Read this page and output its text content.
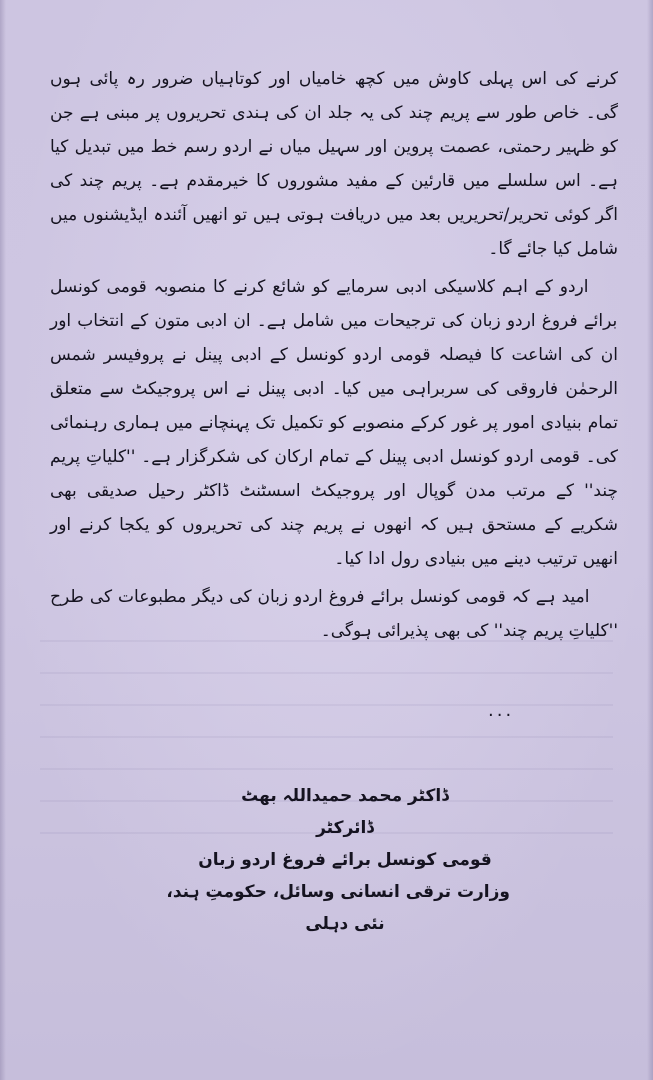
کرنے کی اس پہلی کاوش میں کچھ خامیاں اور کوتاہیاں ضرور رہ پائی ہوں گی۔ خاص طور سے پریم چند کی یہ جلد ان کی ہندی تحریروں پر مبنی ہے جن کو ظہیر رحمتی، عصمت پروین اور سہیل میاں نے اردو رسم خط میں تبدیل کیا ہے۔ اس سلسلے میں قارئین کے مفید مشوروں کا خیرمقدم ہے۔ پریم چند کی اگر کوئی تحریر/تحریریں بعد میں دریافت ہوتی ہیں تو انھیں آئندہ ایڈیشنوں میں شامل کیا جائے گا۔

اردو کے اہم کلاسیکی ادبی سرمایے کو شائع کرنے کا منصوبہ قومی کونسل برائے فروغ اردو زبان کی ترجیحات میں شامل ہے۔ ان ادبی متون کے انتخاب اور ان کی اشاعت کا فیصلہ قومی اردو کونسل کے ادبی پینل نے پروفیسر شمس الرحمٰن فاروقی کی سربراہی میں کیا۔ ادبی پینل نے اس پروجیکٹ سے متعلق تمام بنیادی امور پر غور کرکے منصوبے کو تکمیل تک پہنچانے میں ہماری رہنمائی کی۔ قومی اردو کونسل ادبی پینل کے تمام ارکان کی شکرگزار ہے۔ ''کلیاتِ پریم چند'' کے مرتب مدن گوپال اور پروجیکٹ اسسٹنٹ ڈاکٹر رحیل صدیقی بھی شکریے کے مستحق ہیں کہ انھوں نے پریم چند کی تحریروں کو یکجا کرنے اور انھیں ترتیب دینے میں بنیادی رول ادا کیا۔

امید ہے کہ قومی کونسل برائے فروغ اردو زبان کی دیگر مطبوعات کی طرح ''کلیاتِ پریم چند'' کی بھی پذیرائی ہوگی۔

...
ڈاکٹر محمد حمیداللہ بھٹ
ڈائرکٹر
قومی کونسل برائے فروغ اردو زبان
وزارت ترقی انسانی وسائل، حکومتِ ہند،
نئی دہلی
